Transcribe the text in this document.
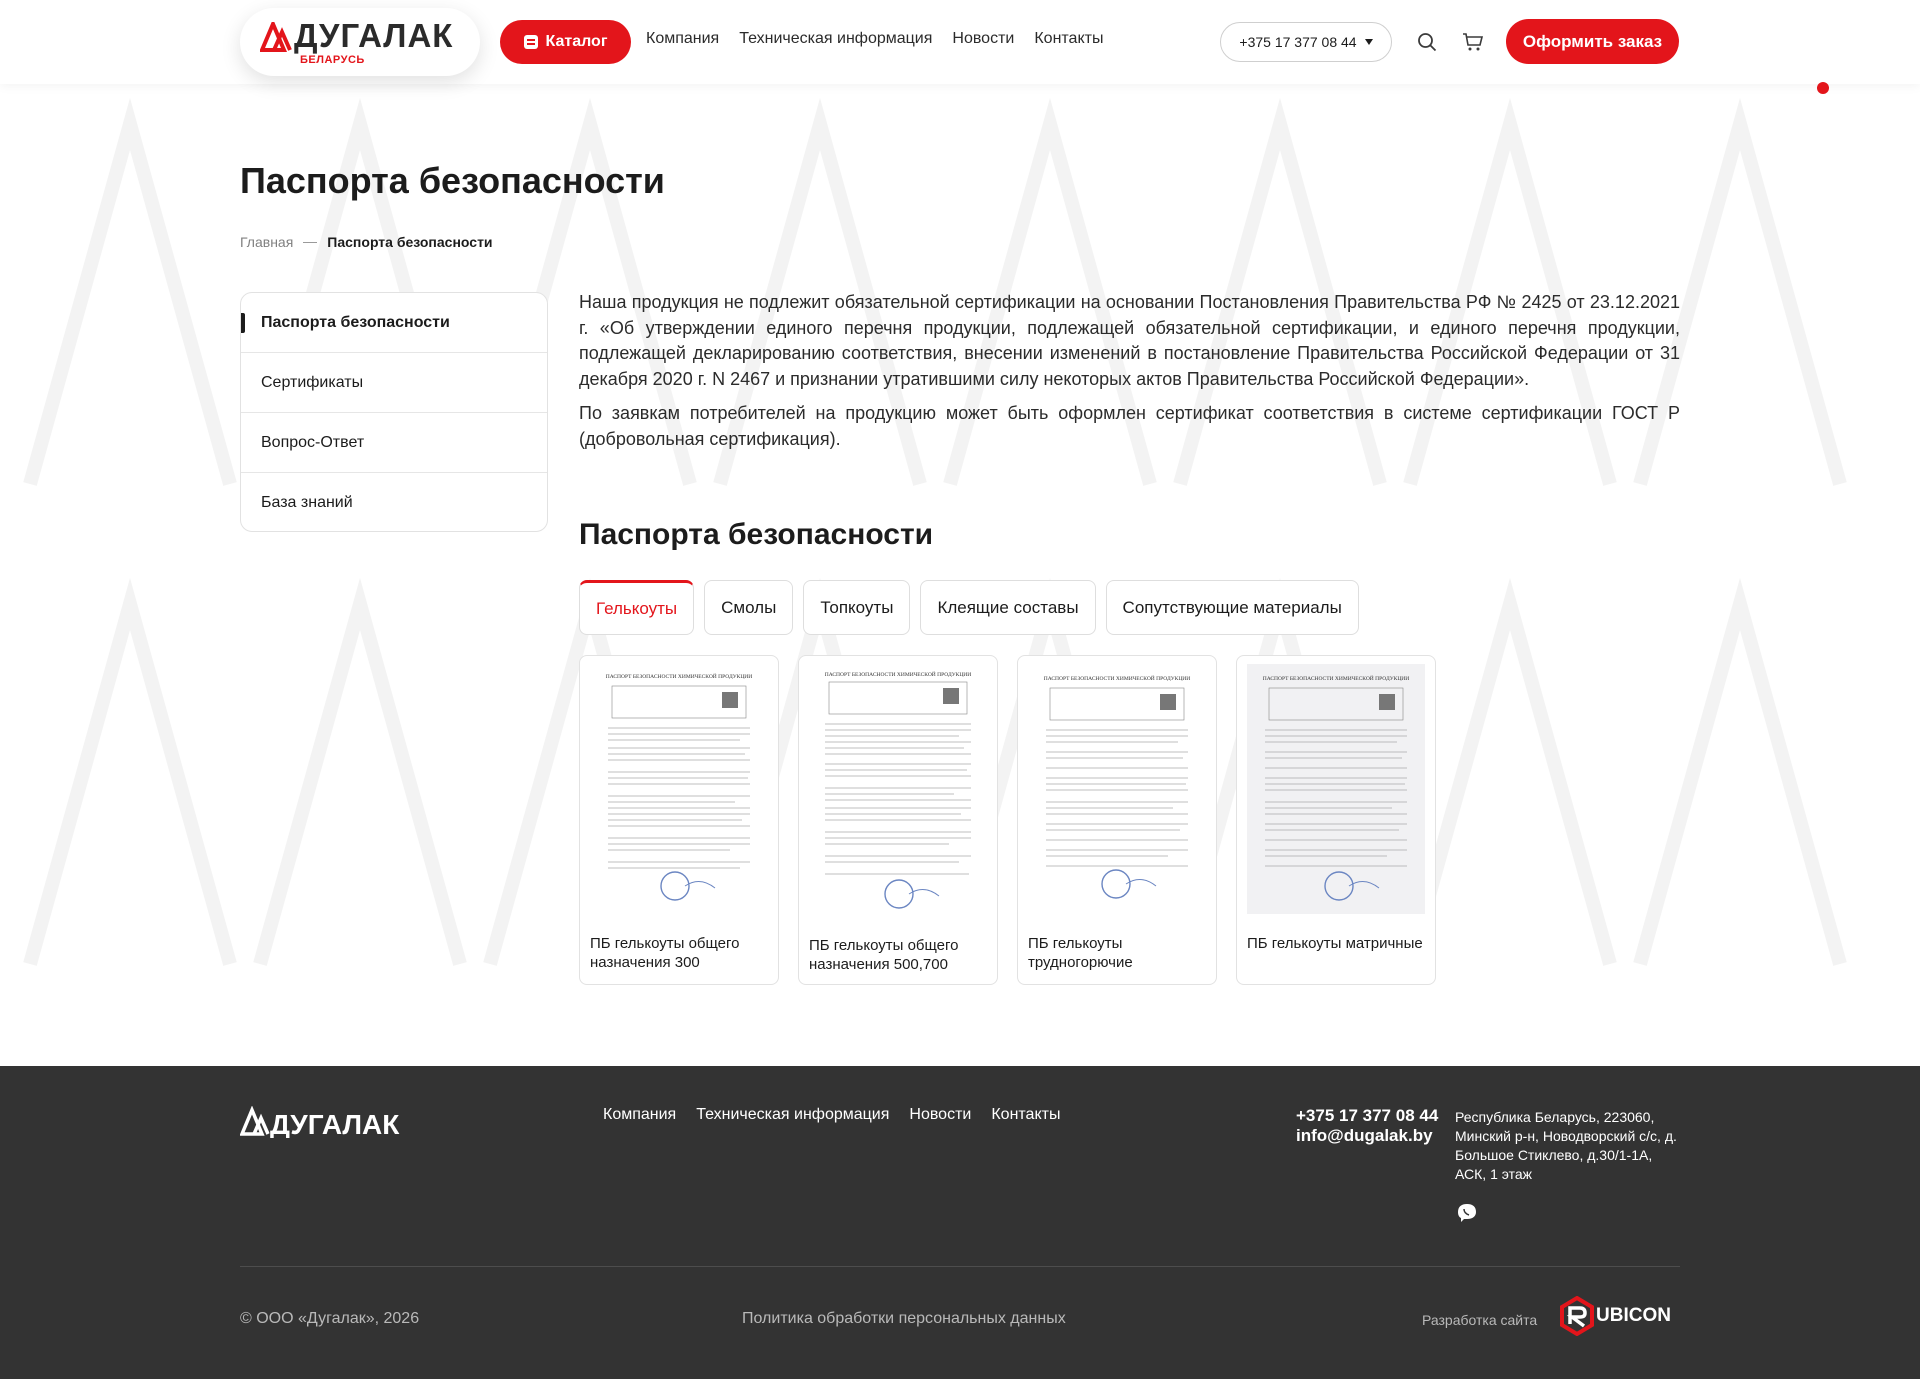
ДУГАЛАК
БЕЛАРУСЬ
Каталог Компания Техническая информация Новости Контакты	+375 17 377 08 44	Оформить заказ
Паспорта безопасности
Главная Паспорта безопасности
Паспорта безопасности
Сертификаты
Вопрос-Ответ
База знаний

Наша продукция не подлежит обязательной сертификации на основании Постановления Правительства РФ № 2425 от 23.12.2021 г. «Об утверждении единого перечня продукции, подлежащей обязательной сертификации, и единого перечня продукции, подлежащей декларированию соответствия, внесении изменений в постановление Правительства Российской Федерации от 31 декабря 2020 г. N 2467 и признании утратившими силу некоторых актов Правительства Российской Федерации».

По заявкам потребителей на продукцию может быть оформлен сертификат соответствия в системе сертификации ГОСТ Р (добровольная сертификация).

Паспорта безопасности
Гелькоуты	Смолы	Топкоуты	Клеящие составы	Сопутствующие материалы
ПАСПОРТ БЕЗОПАСНОСТИ ХИМИЧЕСКОЙ ПРОДУКЦИИ
ПБ гелькоуты общего назначения 300
ПАСПОРТ БЕЗОПАСНОСТИ ХИМИЧЕСКОЙ ПРОДУКЦИИ
ПБ гелькоуты общего назначения 500,700
ПАСПОРТ БЕЗОПАСНОСТИ ХИМИЧЕСКОЙ ПРОДУКЦИИ
ПБ гелькоуты трудногорючие
ПАСПОРТ БЕЗОПАСНОСТИ ХИМИЧЕСКОЙ ПРОДУКЦИИ
ПБ гелькоуты матричные
ДУГАЛАК	Компания Техническая информация Новости Контакты	+375 17 377 08 44
info@dugalak.by
Республика Беларусь, 223060, Минский р-н, Новодворский с/с, д. Большое Стиклево, д.30/1-1А, АСК, 1 этаж
© ООО «Дугалак», 2026	Политика обработки персональных данных	Разработка сайта	UBICON
